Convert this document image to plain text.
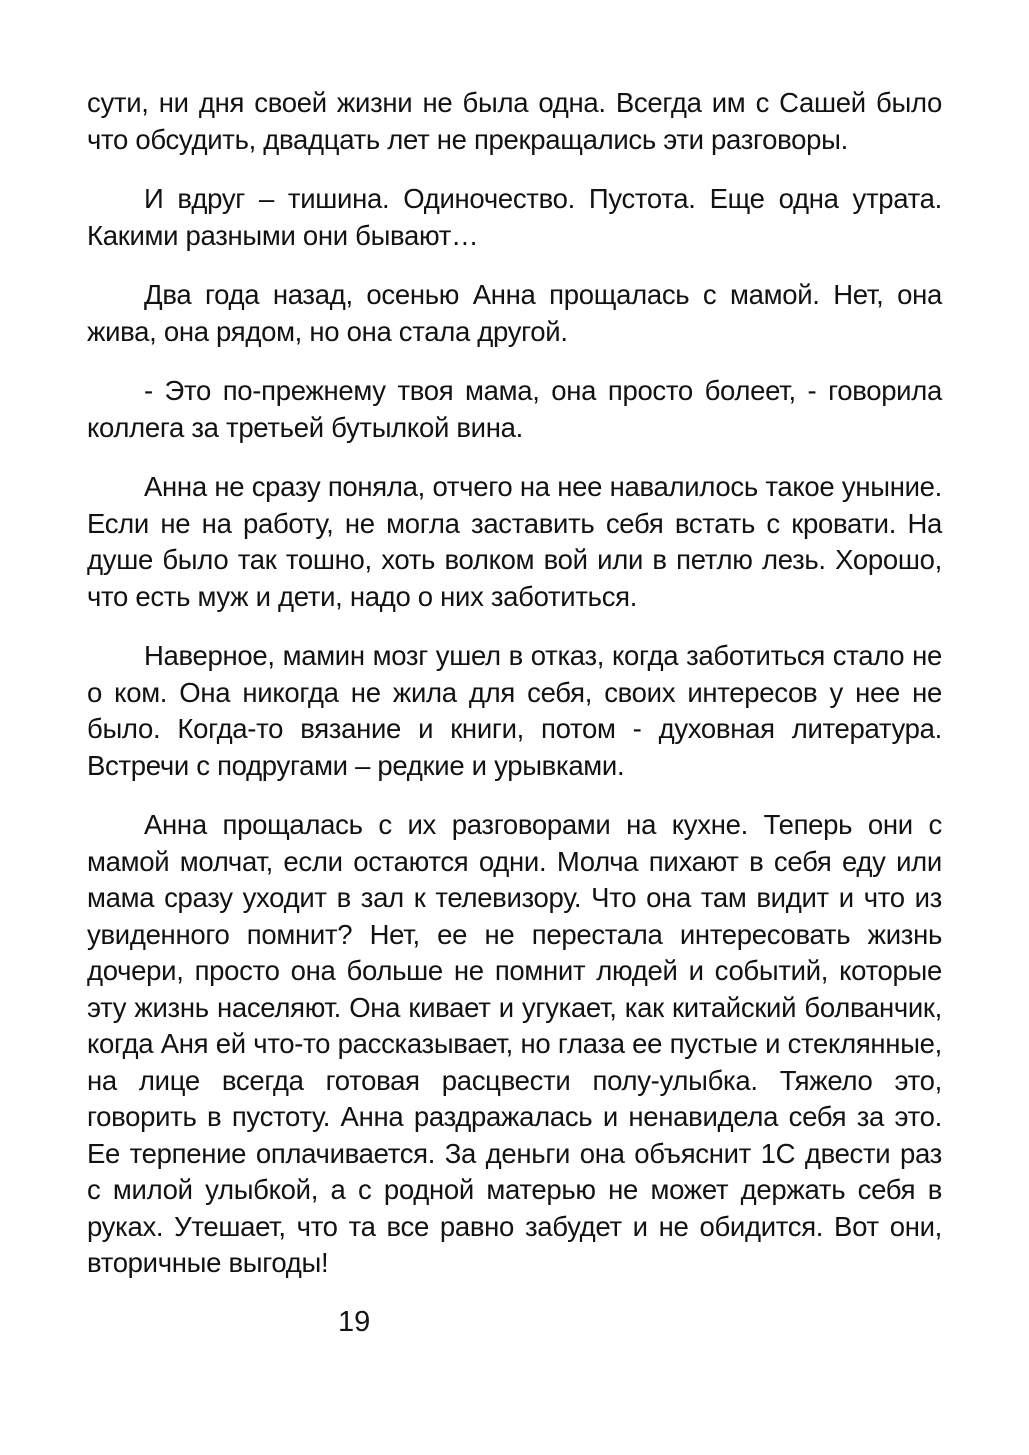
сути, ни дня своей жизни не была одна. Всегда им с Сашей было что обсудить, двадцать лет не прекращались эти разговоры.

И вдруг – тишина. Одиночество. Пустота. Еще одна утрата. Какими разными они бывают…

Два года назад, осенью Анна прощалась с мамой. Нет, она жива, она рядом, но она стала другой.

- Это по-прежнему твоя мама, она просто болеет, - говорила коллега за третьей бутылкой вина.

Анна не сразу поняла, отчего на нее навалилось такое уныние. Если не на работу, не могла заставить себя встать с кровати. На душе было так тошно, хоть волком вой или в петлю лезь. Хорошо, что есть муж и дети, надо о них заботиться.

Наверное, мамин мозг ушел в отказ, когда заботиться стало не о ком. Она никогда не жила для себя, своих интересов у нее не было. Когда-то вязание и книги, потом - духовная литература. Встречи с подругами – редкие и урывками.

Анна прощалась с их разговорами на кухне. Теперь они с мамой молчат, если остаются одни. Молча пихают в себя еду или мама сразу уходит в зал к телевизору. Что она там видит и что из увиденного помнит? Нет, ее не перестала интересовать жизнь дочери, просто она больше не помнит людей и событий, которые эту жизнь населяют. Она кивает и угукает, как китайский болванчик, когда Аня ей что-то рассказывает, но глаза ее пустые и стеклянные, на лице всегда готовая расцвести полу-улыбка. Тяжело это, говорить в пустоту. Анна раздражалась и ненавидела себя за это. Ее терпение оплачивается. За деньги она объяснит 1С двести раз с милой улыбкой, а с родной матерью не может держать себя в руках. Утешает, что та все равно забудет и не обидится. Вот они, вторичные выгоды!

19
